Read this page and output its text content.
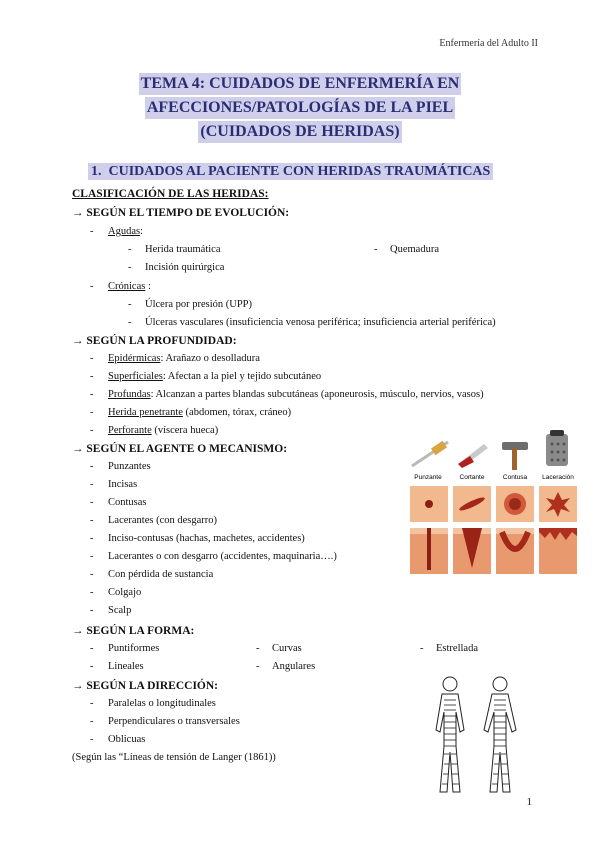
Enfermería del Adulto II
TEMA 4: CUIDADOS DE ENFERMERÍA EN
AFECCIONES/PATOLOGÍAS DE LA PIEL
(CUIDADOS DE HERIDAS)
1. CUIDADOS AL PACIENTE CON HERIDAS TRAUMÁTICAS
CLASIFICACIÓN DE LAS HERIDAS:
→ SEGÚN EL TIEMPO DE EVOLUCIÓN:
- Agudas :
- Herida traumática	- Quemadura
- Incisión quirúrgica
- Crónicas :
- Úlcera por presión (UPP)
- Úlceras vasculares (insuficiencia venosa periférica; insuficiencia arterial periférica)
→ SEGÚN LA PROFUNDIDAD:
- Epidérmicas: Arañazo o desolladura
- Superficiales: Afectan a la piel y tejido subcutáneo
- Profundas: Alcanzan a partes blandas subcutáneas (aponeurosis, músculo, nervios, vasos)
- Herida penetrante (abdomen, tórax, cráneo)
- Perforante (víscera hueca)
→ SEGÚN EL AGENTE O MECANISMO:
- Punzantes
- Incisas
- Contusas
- Lacerantes (con desgarro)
- Inciso-contusas (hachas, machetes, accidentes)
- Lacerantes o con desgarro (accidentes, maquinaria….)
- Con pérdida de sustancia
- Colgajo
- Scalp
Punzante	Cortante	Contusa Laceración
→ SEGÚN LA FORMA:
- Puntiformes	- Curvas	- Estrellada
- Lineales	- Angulares
→ SEGÚN LA DIRECCIÓN:
- Paralelas o longitudinales
- Perpendiculares o transversales
- Oblicuas
(Según las “Líneas de tensión de Langer (1861))
1
